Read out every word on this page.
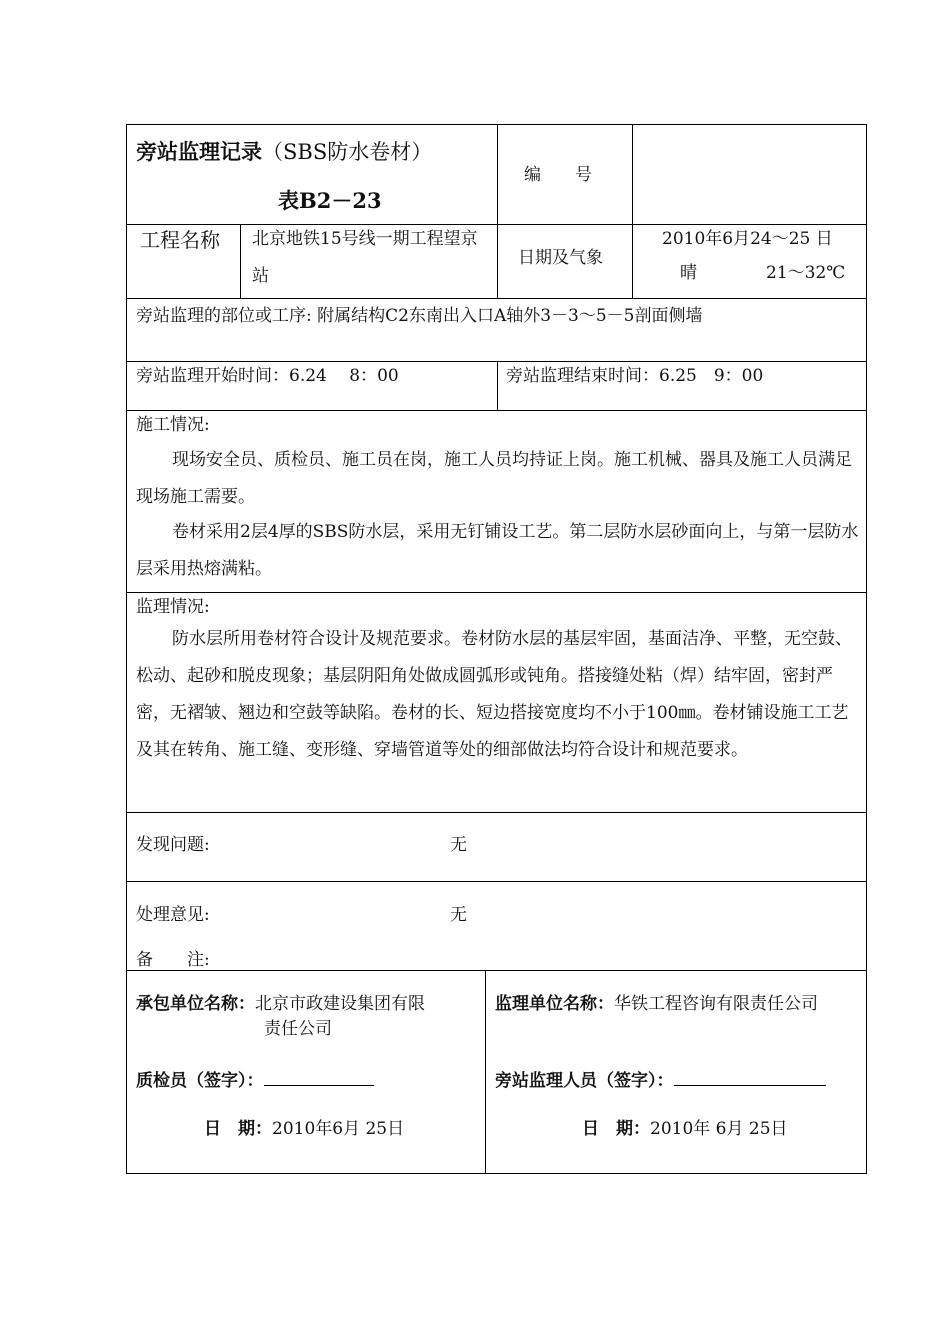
旁站监理记录（SBS防水卷材）
表B2－23
编　　号
工程名称 北京地铁15号线一期工程望京
站
日期及气象
2010年6月24～25 日
晴	21～32℃
旁站监理的部位或工序: 附属结构C2东南出入口A轴外3－3～5－5剖面侧墙
旁站监理开始时间：6.24　 8：00	旁站监理结束时间：6.25　9：00
施工情况:
现场安全员、质检员、施工员在岗，施工人员均持证上岗。施工机械、器具及施工人员满足现场施工需要。
卷材采用2层4厚的SBS防水层，采用无钉铺设工艺。第二层防水层砂面向上，与第一层防水层采用热熔满粘。
监理情况:
防水层所用卷材符合设计及规范要求。卷材防水层的基层牢固，基面洁净、平整，无空鼓、松动、起砂和脱皮现象；基层阴阳角处做成圆弧形或钝角。搭接缝处粘（焊）结牢固，密封严密，无褶皱、翘边和空鼓等缺陷。卷材的长、短边搭接宽度均不小于100㎜。卷材铺设施工工艺及其在转角、施工缝、变形缝、穿墙管道等处的细部做法均符合设计和规范要求。
发现问题:	无
处理意见:	无
备　　注:
承包单位名称：北京市政建设集团有限
责任公司
质检员（签字）：
日　期：2010年6月 25日
监理单位名称：华铁工程咨询有限责任公司
旁站监理人员（签字）：
日　期：2010年 6月 25日
